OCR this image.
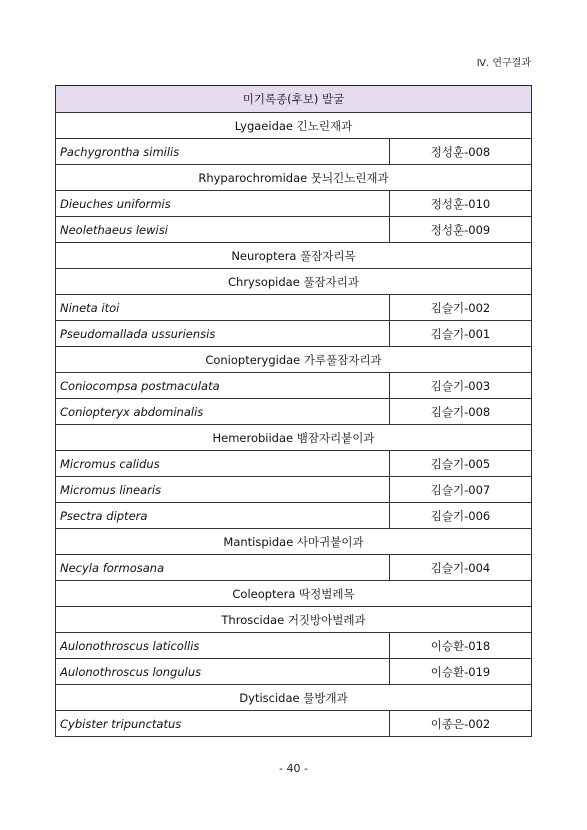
Ⅳ. 연구결과
미기록종(후보) 발굴	
Lygaeidae 긴노린재과	
Pachygrontha similis	정성훈-008
Rhyparochromidae 뭇늬긴노린재과	
Dieuches uniformis	정성훈-010
Neolethaeus lewisi	정성훈-009
Neuroptera 풀잠자리목	
Chrysopidae 풀잠자리과	
Nineta itoi	김슬기-002
Pseudomallada ussuriensis	김슬기-001
Coniopterygidae 가루풀잠자리과	
Coniocompsa postmaculata	김슬기-003
Coniopteryx abdominalis	김슬기-008
Hemerobiidae 뱀잠자리붙이과	
Micromus calidus	김슬기-005
Micromus linearis	김슬기-007
Psectra diptera	김슬기-006
Mantispidae 사마귀붙이과	
Necyla formosana	김슬기-004
Coleoptera 딱정벌레목	
Throscidae 거짓방아벌레과	
Aulonothroscus laticollis	이승환-018
Aulonothroscus longulus	이승환-019
Dytiscidae 물방개과	
Cybister tripunctatus	이종은-002
- 40 -
